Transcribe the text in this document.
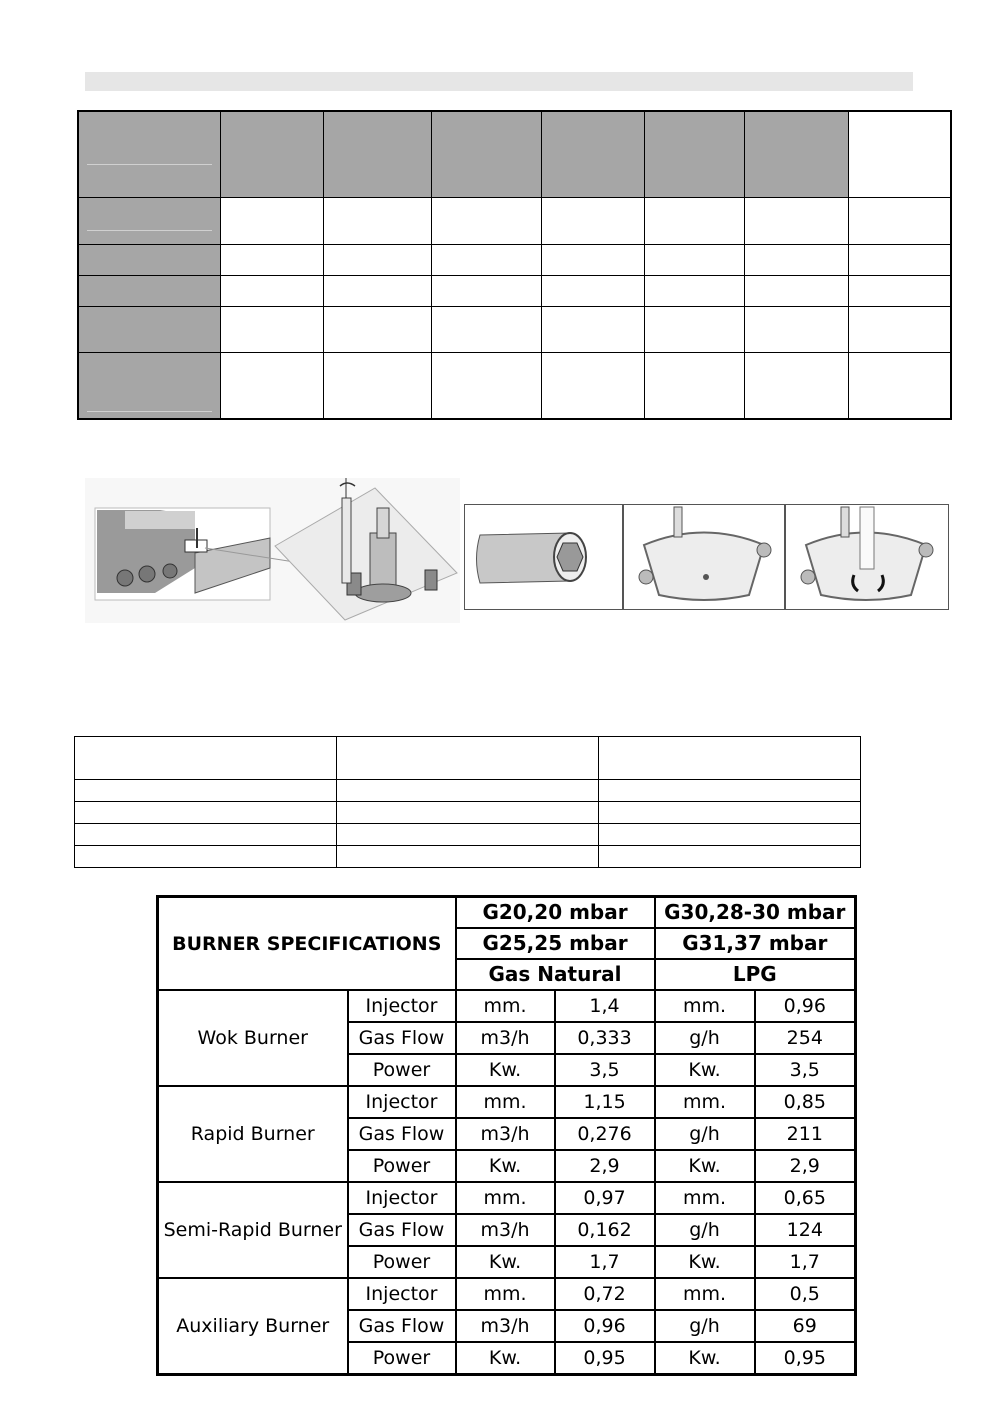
BURNER SPECIFICATIONS		G20,20 mbar		G30,28-30 mbar	
		G25,25 mbar		G31,37 mbar	
		Gas Natural		LPG	
Wok Burner	Injector	mm.	1,4	mm.	0,96
	Gas Flow	m3/h	0,333	g/h	254
	Power	Kw.	3,5	Kw.	3,5
Rapid Burner	Injector	mm.	1,15	mm.	0,85
	Gas Flow	m3/h	0,276	g/h	211
	Power	Kw.	2,9	Kw.	2,9
Semi-Rapid Burner	Injector	mm.	0,97	mm.	0,65
	Gas Flow	m3/h	0,162	g/h	124
	Power	Kw.	1,7	Kw.	1,7
Auxiliary Burner	Injector	mm.	0,72	mm.	0,5
	Gas Flow	m3/h	0,96	g/h	69
	Power	Kw.	0,95	Kw.	0,95
